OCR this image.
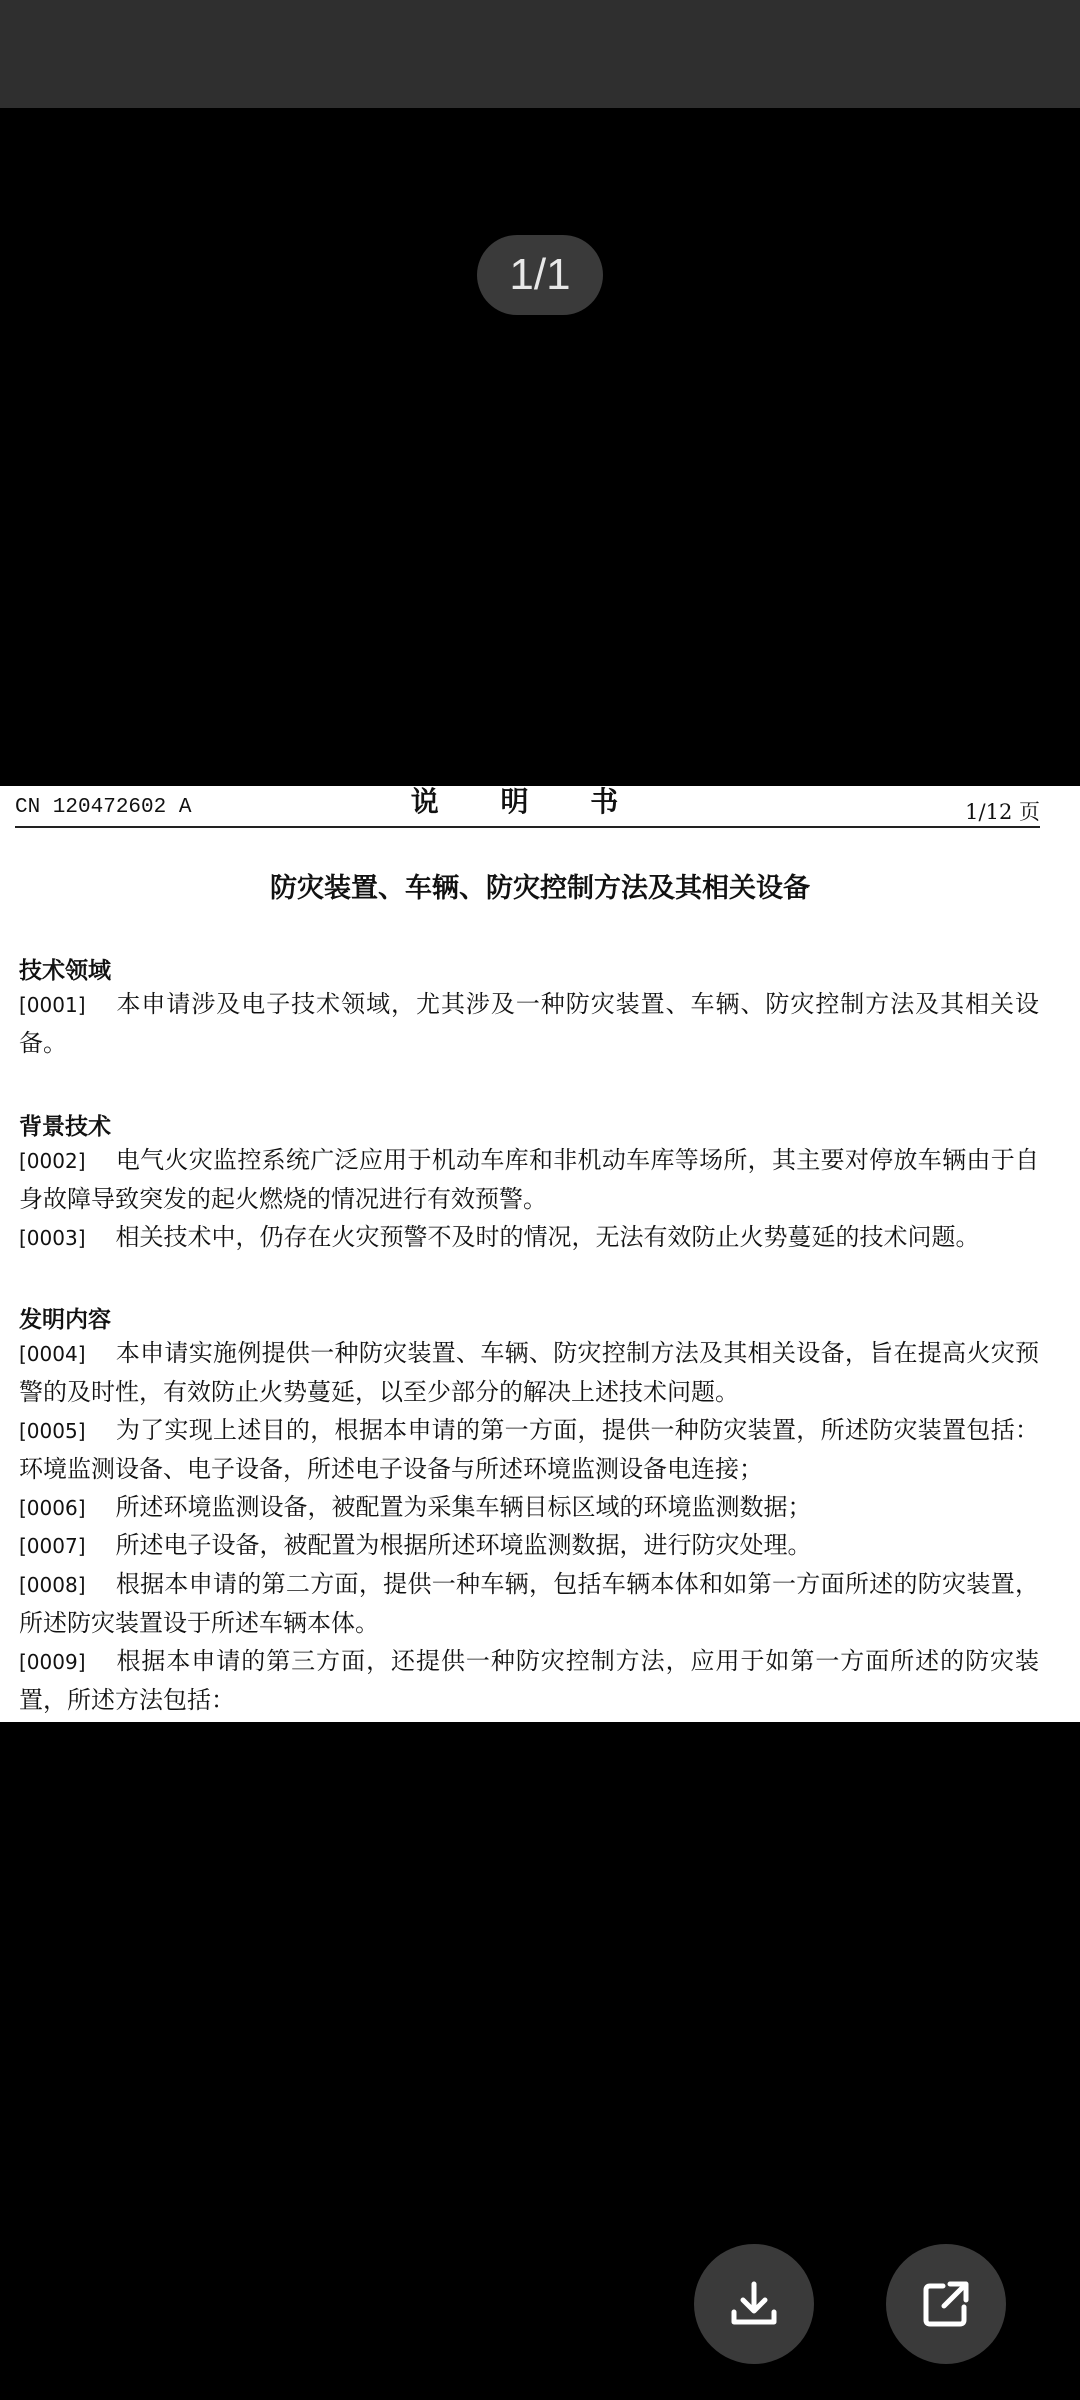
1/1
CN 120472602 A	说 明 书	1/12 页
防灾装置、车辆、防灾控制方法及其相关设备
技术领域
[0001] 本申请涉及电子技术领域，尤其涉及一种防灾装置、车辆、防灾控制方法及其相关设备。
背景技术
[0002] 电气火灾监控系统广泛应用于机动车库和非机动车库等场所，其主要对停放车辆由于自身故障导致突发的起火燃烧的情况进行有效预警。
[0003] 相关技术中，仍存在火灾预警不及时的情况，无法有效防止火势蔓延的技术问题。
发明内容
[0004] 本申请实施例提供一种防灾装置、车辆、防灾控制方法及其相关设备，旨在提高火灾预警的及时性，有效防止火势蔓延，以至少部分的解决上述技术问题。
[0005] 为了实现上述目的，根据本申请的第一方面，提供一种防灾装置，所述防灾装置包括：环境监测设备、电子设备，所述电子设备与所述环境监测设备电连接；
[0006] 所述环境监测设备，被配置为采集车辆目标区域的环境监测数据；
[0007] 所述电子设备，被配置为根据所述环境监测数据，进行防灾处理。
[0008] 根据本申请的第二方面，提供一种车辆，包括车辆本体和如第一方面所述的防灾装置，所述防灾装置设于所述车辆本体。
[0009] 根据本申请的第三方面，还提供一种防灾控制方法，应用于如第一方面所述的防灾装置，所述方法包括：
